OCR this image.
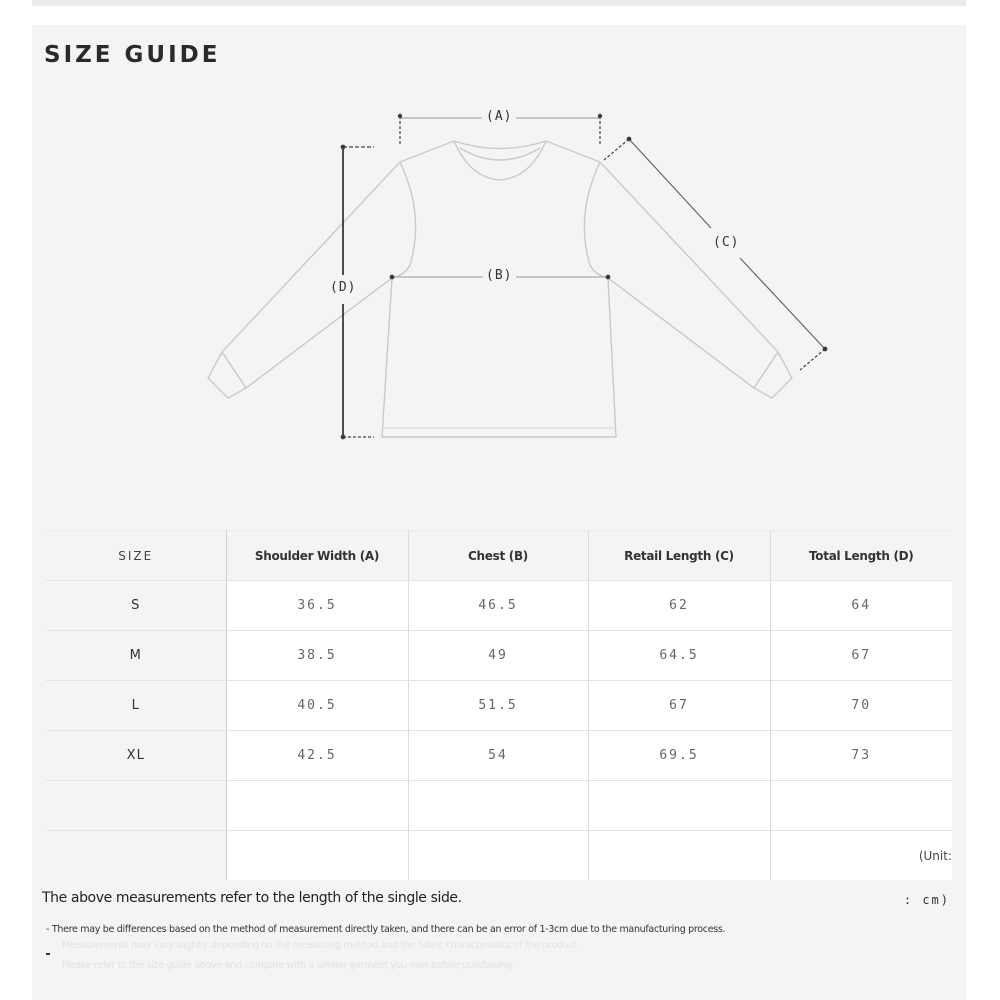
SIZE GUIDE
(A)
(B)
(C)
(D)
SIZE	Shoulder Width (A)	Chest (B)	Retail Length (C)	Total Length (D)
S	36.5	46.5	62	64
M	38.5	49	64.5	67
L	40.5	51.5	67	70
XL	42.5	54	69.5	73

				(Unit:
The above measurements refer to the length of the single side.	: cm)
- There may be differences based on the method of measurement directly taken, and there can be an error of 1-3cm due to the manufacturing process.
Measurements may vary slightly depending on the measuring method and the fabric characteristics of the product.
Please refer to the size guide above and compare with a similar garment you own before purchasing.
